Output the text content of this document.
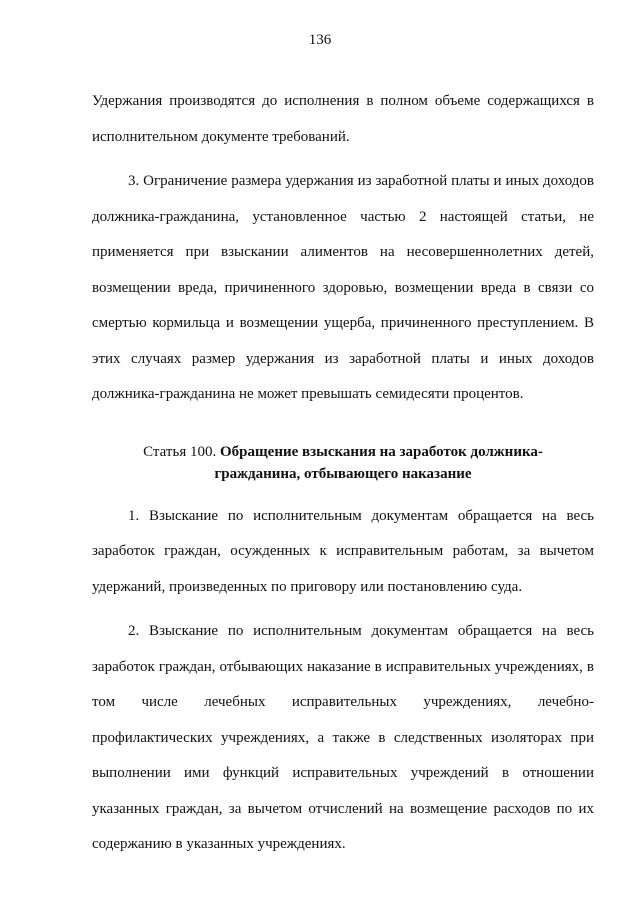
136

Удержания производятся до исполнения в полном объеме содержащихся в исполнительном документе требований.

3. Ограничение размера удержания из заработной платы и иных доходов должника-гражданина, установленное частью 2 настоящей статьи, не применяется при взыскании алиментов на несовершеннолетних детей, возмещении вреда, причиненного здоровью, возмещении вреда в связи со смертью кормильца и возмещении ущерба, причиненного преступлением. В этих случаях размер удержания из заработной платы и иных доходов должника-гражданина не может превышать семидесяти процентов.

Статья 100. Обращение взыскания на заработок должника-
гражданина, отбывающего наказание

1. Взыскание по исполнительным документам обращается на весь заработок граждан, осужденных к исправительным работам, за вычетом удержаний, произведенных по приговору или постановлению суда.

2. Взыскание по исполнительным документам обращается на весь
заработок граждан, отбывающих наказание в исправительных учреждениях, в
том числе лечебных исправительных учреждениях, лечебно-

профилактических учреждениях, а также в следственных изоляторах при выполнении ими функций исправительных учреждений в отношении указанных граждан, за вычетом отчислений на возмещение расходов по их содержанию в указанных учреждениях.
